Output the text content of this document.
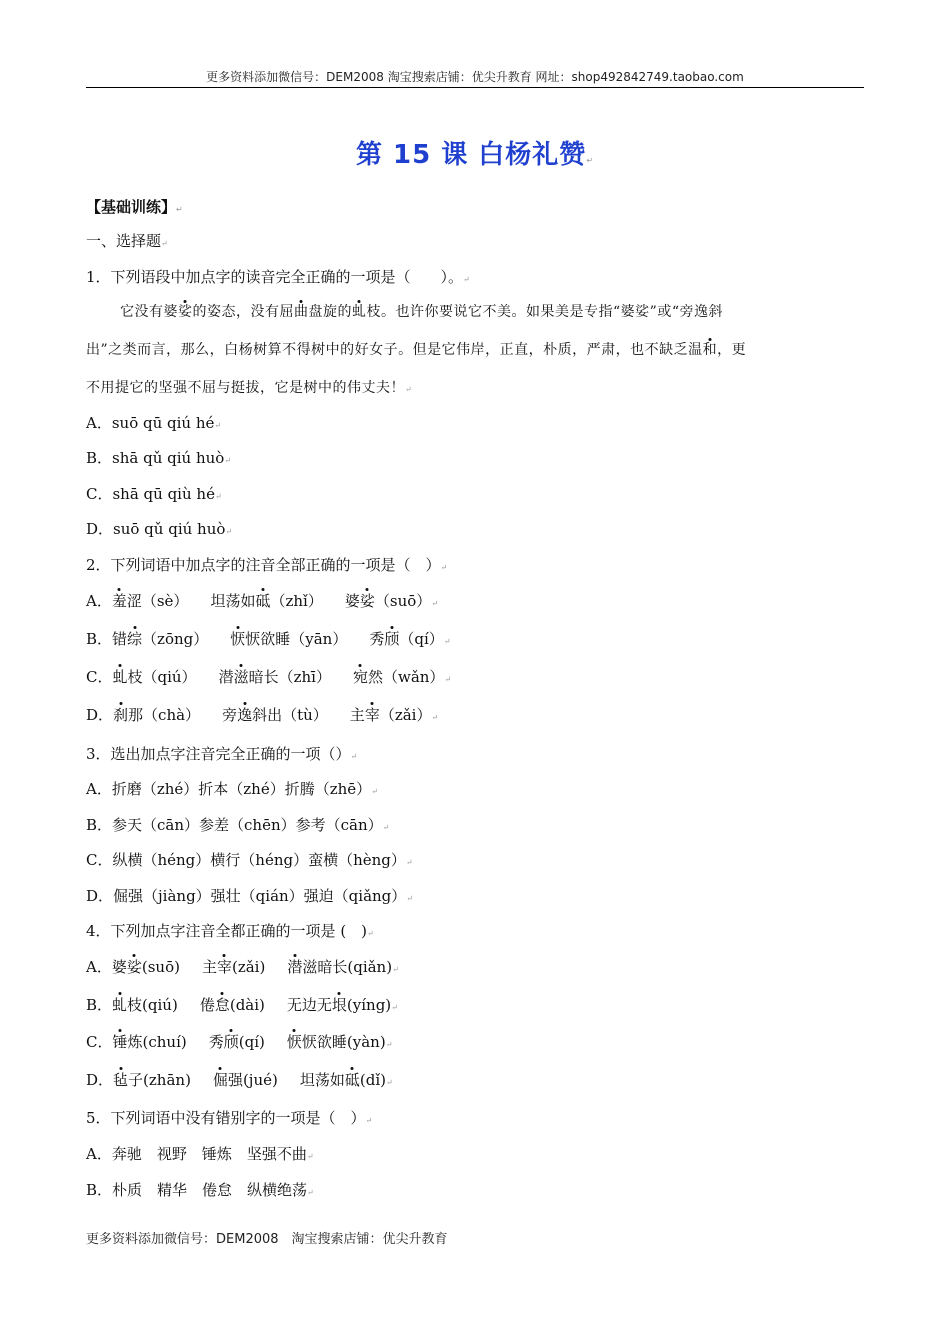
更多资料添加微信号：DEM2008 淘宝搜索店铺：优尖升教育 网址：shop492842749.taobao.com
第 15 课 白杨礼赞↵
【基础训练】↵
一、选择题↵
1．下列语段中加点字的读音完全正确的一项是（　　）。↵
它没有婆娑的姿态，没有屈曲盘旋的虬枝。也许你要说它不美。如果美是专指“婆娑”或“旁逸斜
出”之类而言，那么，白杨树算不得树中的好女子。但是它伟岸，正直，朴质，严肃，也不缺乏温和，更
不用提它的坚强不屈与挺拔，它是树中的伟丈夫！↵
A．suō qū qiú hé↵
B．shā qǔ qiú huò↵
C．shā qū qiù hé↵
D．suō qǔ qiú huò↵
2．下列词语中加点字的注音全部正确的一项是（　）↵
A．羞涩（sè） 坦荡如砥（zhǐ） 婆娑（suō）↵
B．错综（zōng） 恹恹欲睡（yān） 秀颀（qí）↵
C．虬枝（qiú） 潜滋暗长（zhī） 宛然（wǎn）↵
D．刹那（chà） 旁逸斜出（tù） 主宰（zǎi）↵
3．选出加点字注音完全正确的一项（）↵
A．折磨（zhé）折本（zhé）折腾（zhē）↵
B．参天（cān）参差（chēn）参考（cān）↵
C．纵横（héng）横行（héng）蛮横（hèng）↵
D．倔强（jiàng）强壮（qián）强迫（qiǎng）↵
4．下列加点字注音全都正确的一项是 (　)↵
A．婆娑(suō) 主宰(zǎi) 潜滋暗长(qiǎn)↵
B．虬枝(qiú) 倦怠(dài) 无边无垠(yíng)↵
C．锤炼(chuí) 秀颀(qí) 恹恹欲睡(yàn)↵
D．毡子(zhān) 倔强(jué) 坦荡如砥(dǐ)↵
5．下列词语中没有错别字的一项是（　）↵
A．奔驰　视野　锤炼　坚强不曲↵
B．朴质　精华　倦怠　纵横绝荡↵
更多资料添加微信号：DEM2008　淘宝搜索店铺：优尖升教育
